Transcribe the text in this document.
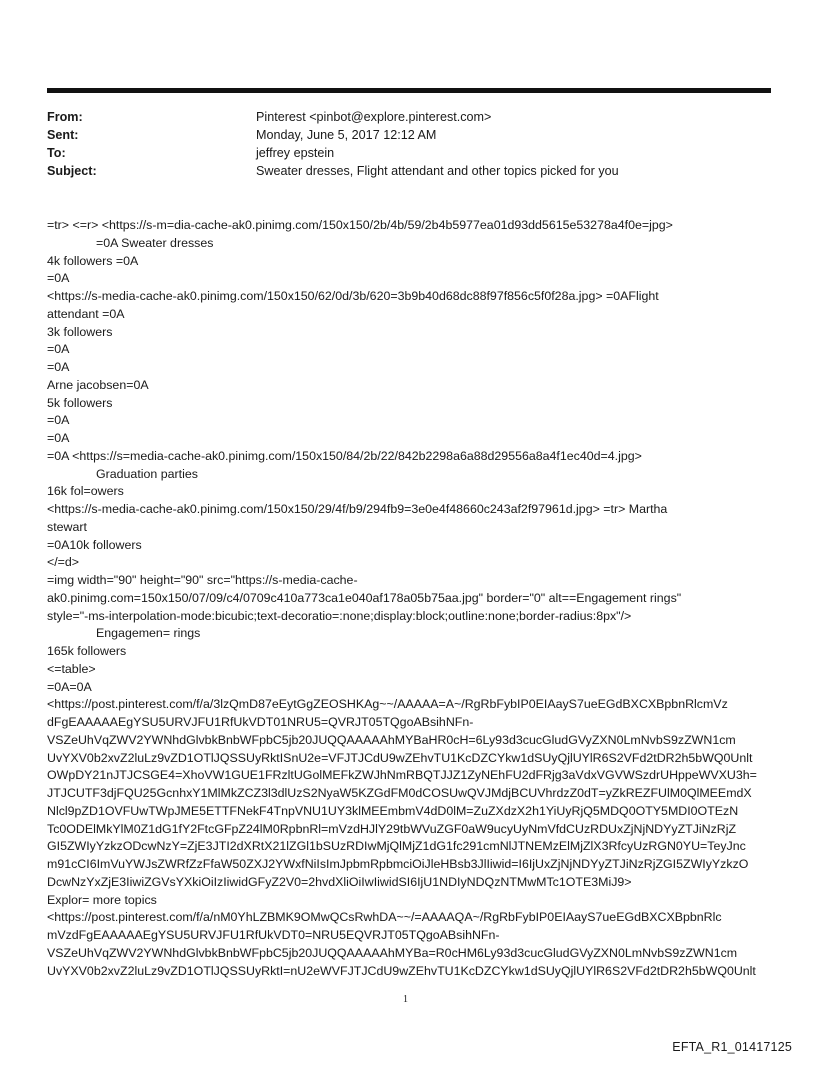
From:	Pinterest <pinbot@explore.pinterest.com>
Sent:	Monday, June 5, 2017 12:12 AM
To:	jeffrey epstein
Subject:	Sweater dresses, Flight attendant and other topics picked for you
=tr> <=r> <https://s-m=dia-cache-ak0.pinimg.com/150x150/2b/4b/59/2b4b5977ea01d93dd5615e53278a4f0e=jpg>
=0A Sweater dresses
4k followers =0A
=0A
<https://s-media-cache-ak0.pinimg.com/150x150/62/0d/3b/620=3b9b40d68dc88f97f856c5f0f28a.jpg> =0AFlight
attendant =0A
3k followers
=0A
=0A
Arne jacobsen=0A
5k followers
=0A
=0A
=0A <https://s=media-cache-ak0.pinimg.com/150x150/84/2b/22/842b2298a6a88d29556a8a4f1ec40d=4.jpg>
Graduation parties
16k fol=owers
<https://s-media-cache-ak0.pinimg.com/150x150/29/4f/b9/294fb9=3e0e4f48660c243af2f97961d.jpg> =tr> Martha
stewart
=0A10k followers
</=d>
=img width="90" height="90" src="https://s-media-cache-
ak0.pinimg.com=150x150/07/09/c4/0709c410a773ca1e040af178a05b75aa.jpg" border="0" alt==Engagement rings"
style="-ms-interpolation-mode:bicubic;text-decoratio=:none;display:block;outline:none;border-radius:8px"/>
Engagemen= rings
165k followers
<=table>
=0A=0A
<https://post.pinterest.com/f/a/3lzQmD87eEytGgZEOSHKAg~~/AAAAA=A~/RgRbFybIP0EIAayS7ueEGdBXCXBpbnRlcmVz
dFgEAAAAAEgYSU5URVJFU1RfUkVDT01NRU5=QVRJT05TQgoABsihNFn-
VSZeUhVqZWV2YWNhdGlvbkBnbWFpbC5jb20JUQQAAAAAhMYBaHR0cH=6Ly93d3cucGludGVyZXN0LmNvbS9zZWN1cm
UvYXV0b2xvZ2luLz9vZD1OTlJQSSUyRktISnU2e=VFJTJCdU9wZEhvTU1KcDZCYkw1dSUyQjlUYlR6S2VFd2tDR2h5bWQ0Unlt
OWpDY21nJTJCSGE4=XhoVW1GUE1FRzltUGolMEFkZWJhNmRBQTJJZ1ZyNEhFU2dFRjg3aVdxVGVWSzdrUHppeWVXU3h=
JTJCUTF3djFQU25GcnhxY1MlMkZCZ3l3dlUzS2NyaW5KZGdFM0dCOSUwQVJMdjBCUVhrdzZ0dT=yZkREZFUlM0QlMEEmdX
Nlcl9pZD1OVFUwTWpJME5ETTFNekF4TnpVNU1UY3klMEEmbmV4dD0lM=ZuZXdzX2h1YiUyRjQ5MDQ0OTY5MDI0OTEzN
Tc0ODElMkYlM0Z1dG1fY2FtcGFpZ24lM0RpbnRl=mVzdHJlY29tbWVuZGF0aW9ucyUyNmVfdCUzRDUxZjNjNDYyZTJiNzRjZ
GI5ZWIyYzkzODcwNzY=ZjE3JTI2dXRtX21lZGl1bSUzRDIwMjQlMjZ1dG1fc291cmNlJTNEMzElMjZlX3RfcyUzRGN0YU=TeyJnc
m91cCI6ImVuYWJsZWRfZzFfaW50ZXJ2YWxfNiIsImJpbmRpbmciOiJleHBsb3JlIiwid=I6IjUxZjNjNDYyZTJiNzRjZGI5ZWIyYzkzO
DcwNzYxZjE3IiwiZGVsYXkiOiIzIiwidGFyZ2V0=2hvdXliOiIwIiwidSI6IjU1NDIyNDQzNTMwMTc1OTE3MiJ9>
Explor= more topics
<https://post.pinterest.com/f/a/nM0YhLZBMK9OMwQCsRwhDA~~/=AAAAQA~/RgRbFybIP0EIAayS7ueEGdBXCXBpbnRlc
mVzdFgEAAAAAEgYSU5URVJFU1RfUkVDT0=NRU5EQVRJT05TQgoABsihNFn-
VSZeUhVqZWV2YWNhdGlvbkBnbWFpbC5jb20JUQQAAAAAhMYBa=R0cHM6Ly93d3cucGludGVyZXN0LmNvbS9zZWN1cm
UvYXV0b2xvZ2luLz9vZD1OTlJQSSUyRktI=nU2eWVFJTJCdU9wZEhvTU1KcDZCYkw1dSUyQjlUYlR6S2VFd2tDR2h5bWQ0Unlt
1
EFTA_R1_01417125
